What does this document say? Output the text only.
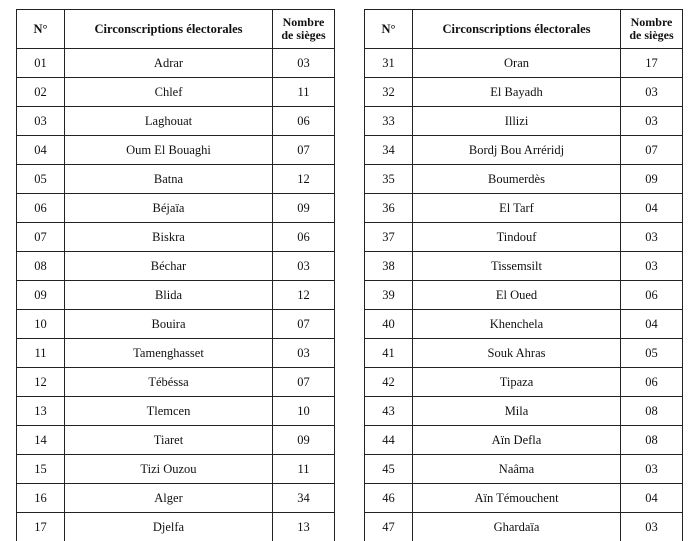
N°	Circonscriptions électorales	Nombre
de sièges
01	Adrar	03
02	Chlef	11
03	Laghouat	06
04	Oum El Bouaghi	07
05	Batna	12
06	Béjaïa	09
07	Biskra	06
08	Béchar	03
09	Blida	12
10	Bouira	07
11	Tamenghasset	03
12	Tébéssa	07
13	Tlemcen	10
14	Tiaret	09
15	Tizi Ouzou	11
16	Alger	34
17	Djelfa	13
N°	Circonscriptions électorales	Nombre
de sièges
31	Oran	17
32	El Bayadh	03
33	Illizi	03
34	Bordj Bou Arréridj	07
35	Boumerdès	09
36	El Tarf	04
37	Tindouf	03
38	Tissemsilt	03
39	El Oued	06
40	Khenchela	04
41	Souk Ahras	05
42	Tipaza	06
43	Mila	08
44	Aïn Defla	08
45	Naâma	03
46	Aïn Témouchent	04
47	Ghardaïa	03
